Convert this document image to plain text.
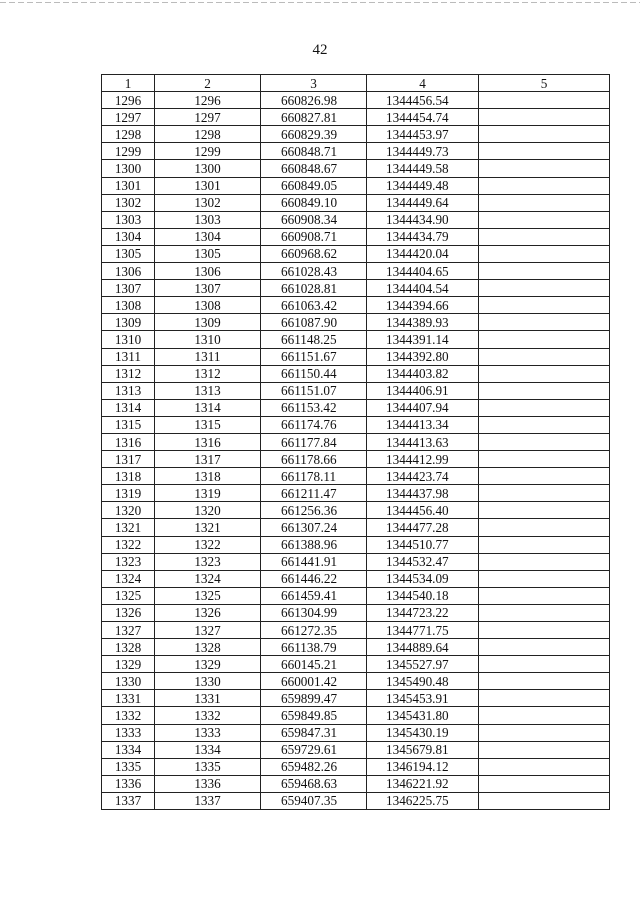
42
1	2	3	4	5
1296	1296	660826.98	1344456.54	
1297	1297	660827.81	1344454.74	
1298	1298	660829.39	1344453.97	
1299	1299	660848.71	1344449.73	
1300	1300	660848.67	1344449.58	
1301	1301	660849.05	1344449.48	
1302	1302	660849.10	1344449.64	
1303	1303	660908.34	1344434.90	
1304	1304	660908.71	1344434.79	
1305	1305	660968.62	1344420.04	
1306	1306	661028.43	1344404.65	
1307	1307	661028.81	1344404.54	
1308	1308	661063.42	1344394.66	
1309	1309	661087.90	1344389.93	
1310	1310	661148.25	1344391.14	
1311	1311	661151.67	1344392.80	
1312	1312	661150.44	1344403.82	
1313	1313	661151.07	1344406.91	
1314	1314	661153.42	1344407.94	
1315	1315	661174.76	1344413.34	
1316	1316	661177.84	1344413.63	
1317	1317	661178.66	1344412.99	
1318	1318	661178.11	1344423.74	
1319	1319	661211.47	1344437.98	
1320	1320	661256.36	1344456.40	
1321	1321	661307.24	1344477.28	
1322	1322	661388.96	1344510.77	
1323	1323	661441.91	1344532.47	
1324	1324	661446.22	1344534.09	
1325	1325	661459.41	1344540.18	
1326	1326	661304.99	1344723.22	
1327	1327	661272.35	1344771.75	
1328	1328	661138.79	1344889.64	
1329	1329	660145.21	1345527.97	
1330	1330	660001.42	1345490.48	
1331	1331	659899.47	1345453.91	
1332	1332	659849.85	1345431.80	
1333	1333	659847.31	1345430.19	
1334	1334	659729.61	1345679.81	
1335	1335	659482.26	1346194.12	
1336	1336	659468.63	1346221.92	
1337	1337	659407.35	1346225.75	
